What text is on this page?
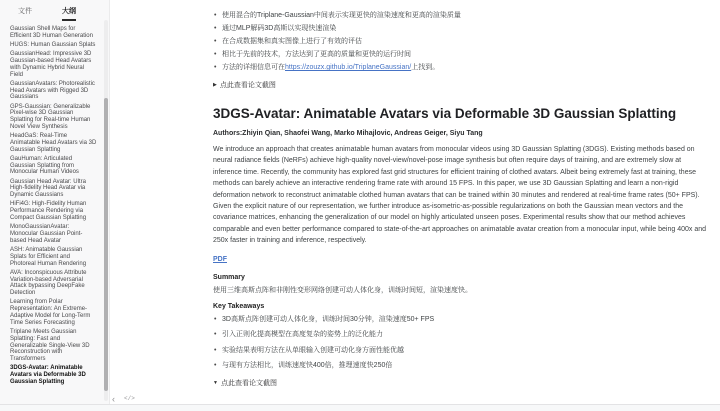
文件	大纲
Gaussian Shell Maps for Efficient 3D Human Generation
HUGS: Human Gaussian Splats
GaussianHead: Impressive 3D Gaussian-based Head Avatars with Dynamic Hybrid Neural Field
GaussianAvatars: Photorealistic Head Avatars with Rigged 3D Gaussians
GPS-Gaussian: Generalizable Pixel-wise 3D Gaussian Splatting for Real-time Human Novel View Synthesis
HeadGaS: Real-Time Animatable Head Avatars via 3D Gaussian Splatting
GauHuman: Articulated Gaussian Splatting from Monocular Human Videos
Gaussian Head Avatar: Ultra High-fidelity Head Avatar via Dynamic Gaussians
HiFi4G: High-Fidelity Human Performance Rendering via Compact Gaussian Splatting
MonoGaussianAvatar: Monocular Gaussian Point-based Head Avatar
ASH: Animatable Gaussian Splats for Efficient and Photoreal Human Rendering
AVA: Inconspicuous Attribute Variation-based Adversarial Attack bypassing DeepFake Detection
Learning from Polar Representation: An Extreme-Adaptive Model for Long-Term Time Series Forecasting
Triplane Meets Gaussian Splatting: Fast and Generalizable Single-View 3D Reconstruction with Transformers
3DGS-Avatar: Animatable Avatars via Deformable 3D Gaussian Splatting
• 使用混合的Triplane-Gaussian中间表示实现更快的渲染速度和更高的渲染质量
• 通过MLP解码3D高斯以实现快速渲染
• 在合成数据集和真实图像上进行了有效的评估
• 相比于先前的技术，方法达到了更高的质量和更快的运行时间
• 方法的详细信息可在https://zouzx.github.io/TriplaneGaussian/上找到。
▶ 点此查看论文截图
3DGS-Avatar: Animatable Avatars via Deformable 3D Gaussian Splatting
Authors:Zhiyin Qian, Shaofei Wang, Marko Mihajlovic, Andreas Geiger, Siyu Tang

We introduce an approach that creates animatable human avatars from monocular videos using 3D Gaussian Splatting (3DGS). Existing methods based on neural radiance fields (NeRFs) achieve high-quality novel-view/novel-pose image synthesis but often require days of training, and are extremely slow at inference time. Recently, the community has explored fast grid structures for efficient training of clothed avatars. Albeit being extremely fast at training, these methods can barely achieve an interactive rendering frame rate with around 15 FPS. In this paper, we use 3D Gaussian Splatting and learn a non-rigid deformation network to reconstruct animatable clothed human avatars that can be trained within 30 minutes and rendered at real-time frame rates (50+ FPS). Given the explicit nature of our representation, we further introduce as-isometric-as-possible regularizations on both the Gaussian mean vectors and the covariance matrices, enhancing the generalization of our model on highly articulated unseen poses. Experimental results show that our method achieves comparable and even better performance compared to state-of-the-art approaches on animatable avatar creation from a monocular input, while being 400x and 250x faster in training and inference, respectively.

PDF
Summary
使用三维高斯点阵和非刚性变形网络创建可动人体化身，训练时间短，渲染速度快。
Key Takeaways
• 3D高斯点阵创建可动人体化身，训练时间30分钟，渲染速度50+ FPS
• 引入正则化提高模型在高度复杂的姿势上的泛化能力
• 实验结果表明方法在从单眼输入创建可动化身方面性能优越
• 与现有方法相比，训练速度快400倍，推理速度快250倍
▼ 点此查看论文截图
‹ </>
